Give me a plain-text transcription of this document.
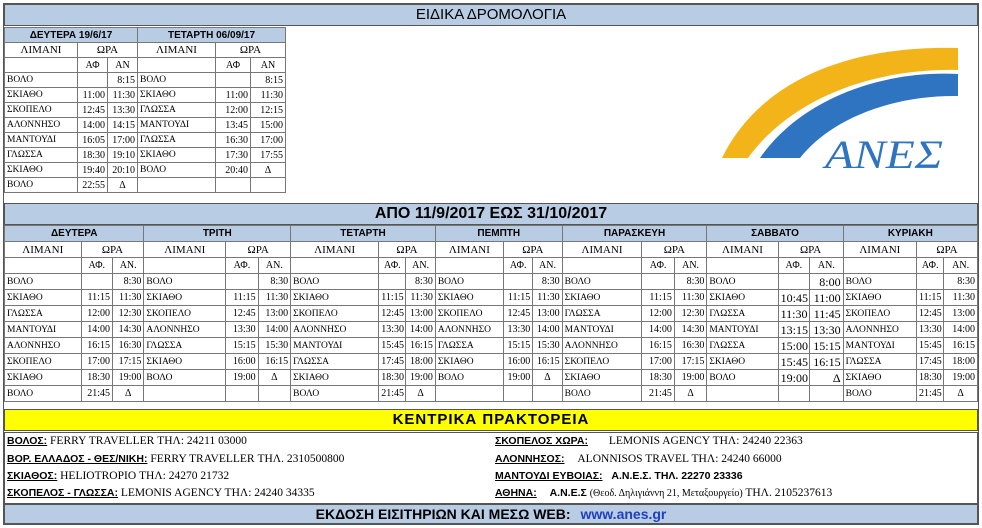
ΕΙΔΙΚΑ ΔΡΟΜΟΛΟΓΙΑ
ΔΕΥΤΕΡΑ 19/6/17			ΤΕΤΑΡΤΗ 06/09/17		
ΛΙΜΑΝΙ	ΩΡΑ		ΛΙΜΑΝΙ	ΩΡΑ	
	ΑΦ	ΑΝ		ΑΦ	ΑΝ
ΒΟΛΟ		8:15	ΒΟΛΟ		8:15
ΣΚΙΑΘΟ	11:00	11:30	ΣΚΙΑΘΟ	11:00	11:30
ΣΚΟΠΕΛΟ	12:45	13:30	ΓΛΩΣΣΑ	12:00	12:15
ΑΛΟΝΝΗΣΟ	14:00	14:15	ΜΑΝΤΟΥΔΙ	13:45	15:00
ΜΑΝΤΟΥΔΙ	16:05	17:00	ΓΛΩΣΣΑ	16:30	17:00
ΓΛΩΣΣΑ	18:30	19:10	ΣΚΙΑΘΟ	17:30	17:55
ΣΚΙΑΘΟ	19:40	20:10	ΒΟΛΟ	20:40	Δ
ΒΟΛΟ	22:55	Δ			
ΑΝΕΣ
ΑΠΟ 11/9/2017 ΕΩΣ 31/10/2017
ΔΕΥΤΕΡΑ			ΤΡΙΤΗ			ΤΕΤΑΡΤΗ			ΠΕΜΠΤΗ			ΠΑΡΑΣΚΕΥΗ			ΣΑΒΒΑΤΟ			ΚΥΡΙΑΚΗ		
ΛΙΜΑΝΙ	ΩΡΑ		ΛΙΜΑΝΙ	ΩΡΑ		ΛΙΜΑΝΙ	ΩΡΑ		ΛΙΜΑΝΙ	ΩΡΑ		ΛΙΜΑΝΙ	ΩΡΑ		ΛΙΜΑΝΙ	ΩΡΑ		ΛΙΜΑΝΙ	ΩΡΑ	
	ΑΦ.	ΑΝ.		ΑΦ.	ΑΝ.		ΑΦ.	ΑΝ.		ΑΦ.	ΑΝ.		ΑΦ.	ΑΝ.		ΑΦ.	ΑΝ.		ΑΦ.	ΑΝ.
ΒΟΛΟ		8:30	ΒΟΛΟ		8:30	ΒΟΛΟ		8:30	ΒΟΛΟ		8:30	ΒΟΛΟ		8:30	ΒΟΛΟ		8:00	ΒΟΛΟ		8:30
ΣΚΙΑΘΟ	11:15	11:30	ΣΚΙΑΘΟ	11:15	11:30	ΣΚΙΑΘΟ	11:15	11:30	ΣΚΙΑΘΟ	11:15	11:30	ΣΚΙΑΘΟ	11:15	11:30	ΣΚΙΑΘΟ	10:45	11:00	ΣΚΙΑΘΟ	11:15	11:30
ΓΛΩΣΣΑ	12:00	12:30	ΣΚΟΠΕΛΟ	12:45	13:00	ΣΚΟΠΕΛΟ	12:45	13:00	ΣΚΟΠΕΛΟ	12:45	13:00	ΓΛΩΣΣΑ	12:00	12:30	ΓΛΩΣΣΑ	11:30	11:45	ΣΚΟΠΕΛΟ	12:45	13:00
ΜΑΝΤΟΥΔΙ	14:00	14:30	ΑΛΟΝΝΗΣΟ	13:30	14:00	ΑΛΟΝΝΗΣΟ	13:30	14:00	ΑΛΟΝΝΗΣΟ	13:30	14:00	ΜΑΝΤΟΥΔΙ	14:00	14:30	ΜΑΝΤΟΥΔΙ	13:15	13:30	ΑΛΟΝΝΗΣΟ	13:30	14:00
ΑΛΟΝΝΗΣΟ	16:15	16:30	ΓΛΩΣΣΑ	15:15	15:30	ΜΑΝΤΟΥΔΙ	15:45	16:15	ΓΛΩΣΣΑ	15:15	15:30	ΑΛΟΝΝΗΣΟ	16:15	16:30	ΓΛΩΣΣΑ	15:00	15:15	ΜΑΝΤΟΥΔΙ	15:45	16:15
ΣΚΟΠΕΛΟ	17:00	17:15	ΣΚΙΑΘΟ	16:00	16:15	ΓΛΩΣΣΑ	17:45	18:00	ΣΚΙΑΘΟ	16:00	16:15	ΣΚΟΠΕΛΟ	17:00	17:15	ΣΚΙΑΘΟ	15:45	16:15	ΓΛΩΣΣΑ	17:45	18:00
ΣΚΙΑΘΟ	18:30	19:00	ΒΟΛΟ	19:00	Δ	ΣΚΙΑΘΟ	18:30	19:00	ΒΟΛΟ	19:00	Δ	ΣΚΙΑΘΟ	18:30	19:00	ΒΟΛΟ	19:00	Δ	ΣΚΙΑΘΟ	18:30	19:00
ΒΟΛΟ	21:45	Δ				ΒΟΛΟ	21:45	Δ				ΒΟΛΟ	21:45	Δ				ΒΟΛΟ	21:45	Δ
ΚΕΝΤΡΙΚΑ ΠΡΑΚΤΟΡΕΙΑ
ΒΟΛΟΣ: FERRY TRAVELLER ΤΗΛ: 24211 03000
ΒΟΡ. ΕΛΛΑΔΟΣ - ΘΕΣ/ΝΙΚΗ: FERRY TRAVELLER ΤΗΛ. 2310500800
ΣΚΙΑΘΟΣ: HELIOTROPIO ΤΗΛ: 24270 21732
ΣΚΟΠΕΛΟΣ - ΓΛΩΣΣΑ: LEMONIS AGENCY ΤΗΛ: 24240 34335
ΣΚΟΠΕΛΟΣ ΧΩΡΑ: LEMONIS AGENCY ΤΗΛ: 24240 22363
ΑΛΟΝΝΗΣΟΣ: ALONNISOS TRAVEL ΤΗΛ: 24240 66000
ΜΑΝΤΟΥΔΙ ΕΥΒΟΙΑΣ: Α.Ν.Ε.Σ. ΤΗΛ. 22270 23336
ΑΘΗΝΑ: Α.Ν.Ε.Σ (Θεοδ. Δηλιγιάννη 21, Μεταξουργείο) ΤΗΛ. 2105237613
ΕΚΔΟΣΗ ΕΙΣΙΤΗΡΙΩΝ ΚΑΙ ΜΕΣΩ WEB: www.anes.gr
